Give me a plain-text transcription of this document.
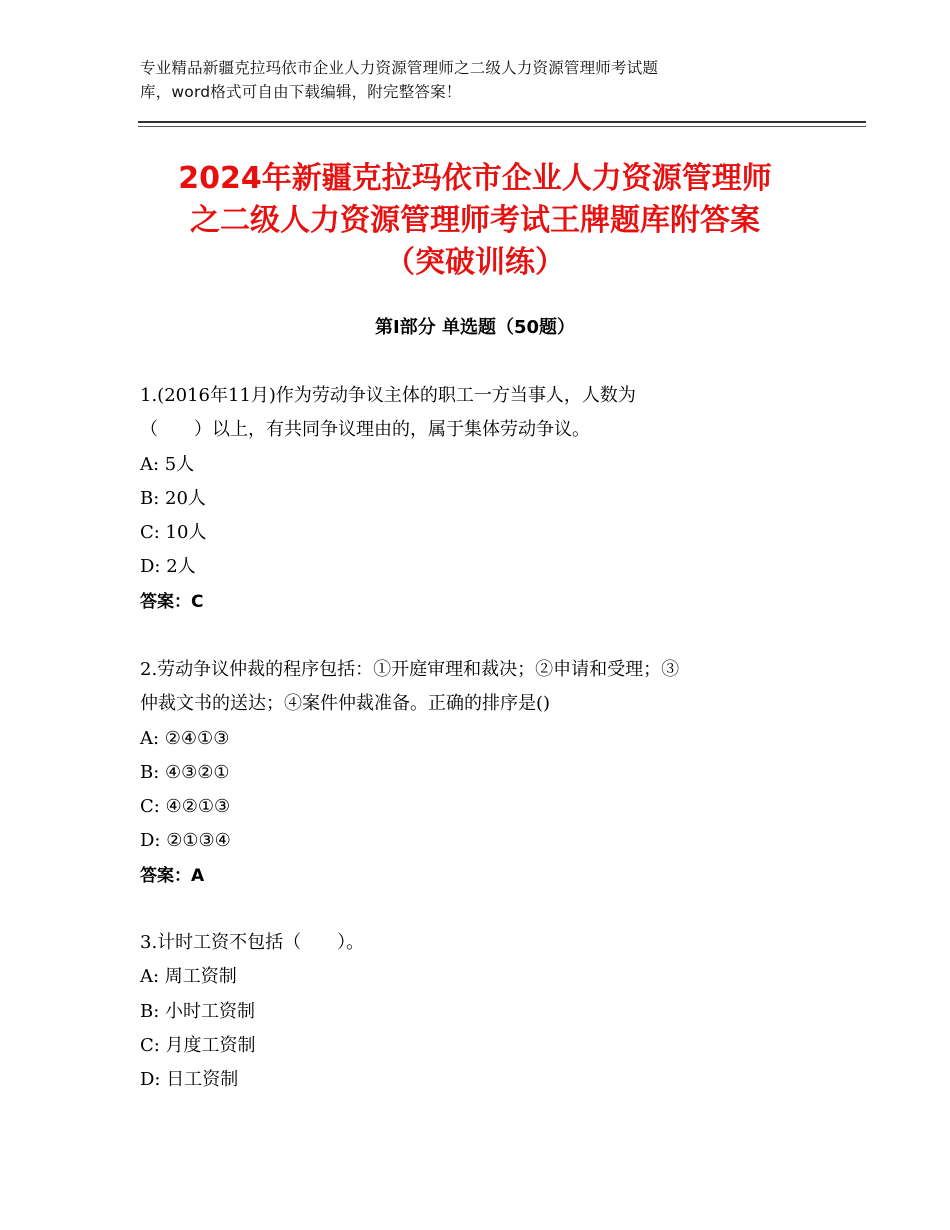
专业精品新疆克拉玛依市企业人力资源管理师之二级人力资源管理师考试题
库，word格式可自由下载编辑，附完整答案！
2024年新疆克拉玛依市企业人力资源管理师
之二级人力资源管理师考试王牌题库附答案
（突破训练）
第Ⅰ部分 单选题（50题）
1.(2016年11月)作为劳动争议主体的职工一方当事人，人数为
（　　）以上，有共同争议理由的，属于集体劳动争议。
A: 5人
B: 20人
C: 10人
D: 2人
答案：C
2.劳动争议仲裁的程序包括：①开庭审理和裁决；②申请和受理；③
仲裁文书的送达；④案件仲裁准备。正确的排序是()
A: ②④①③
B: ④③②①
C: ④②①③
D: ②①③④
答案：A
3.计时工资不包括（　　）。
A: 周工资制
B: 小时工资制
C: 月度工资制
D: 日工资制
